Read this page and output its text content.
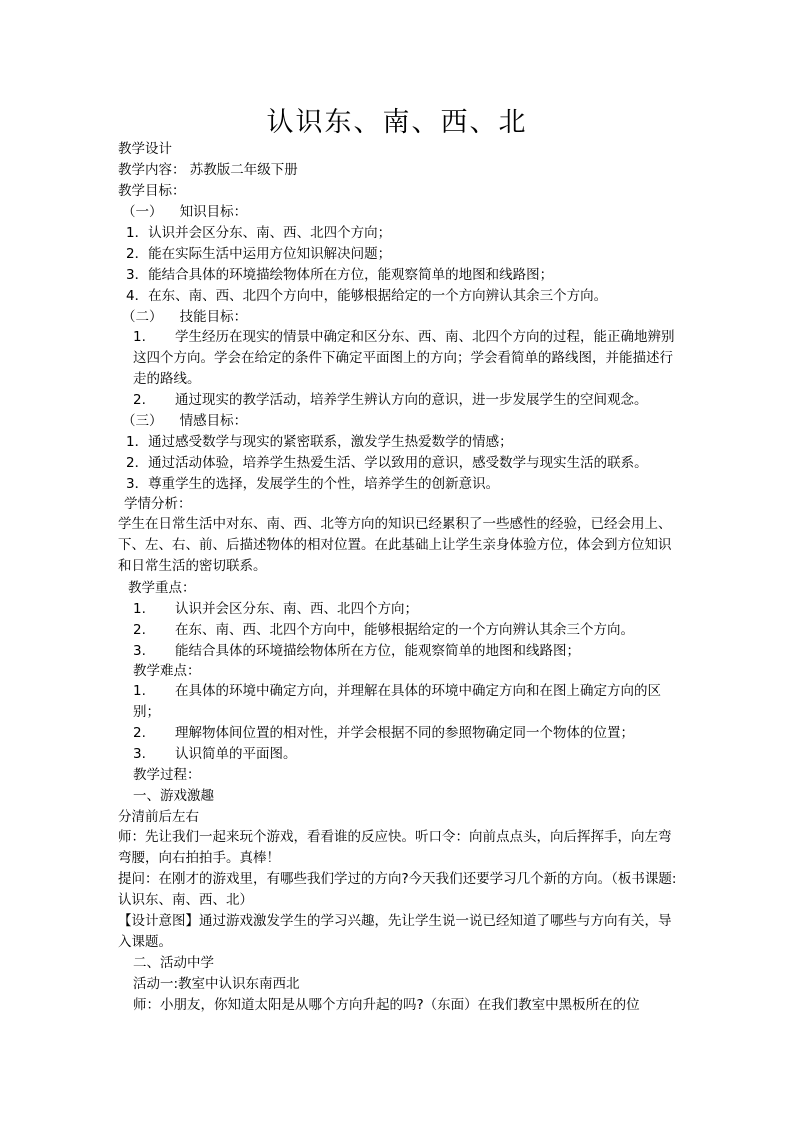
认识东、南、西、北
教学设计
教学内容： 苏教版二年级下册
教学目标：
（一）    知识目标：
1．认识并会区分东、南、西、北四个方向；
2．能在实际生活中运用方位知识解决问题；
3．能结合具体的环境描绘物体所在方位，能观察简单的地图和线路图；
4．在东、南、西、北四个方向中，能够根据给定的一个方向辨认其余三个方向。
（二）    技能目标：
1. 学生经历在现实的情景中确定和区分东、西、南、北四个方向的过程，能正确地辨别这四个方向。学会在给定的条件下确定平面图上的方向；学会看简单的路线图，并能描述行走的路线。
2. 通过现实的教学活动，培养学生辨认方向的意识，进一步发展学生的空间观念。
（三）    情感目标：
1．通过感受数学与现实的紧密联系，激发学生热爱数学的情感；
2．通过活动体验，培养学生热爱生活、学以致用的意识，感受数学与现实生活的联系。
3．尊重学生的选择，发展学生的个性，培养学生的创新意识。
学情分析：
学生在日常生活中对东、南、西、北等方向的知识已经累积了一些感性的经验，已经会用上、下、左、右、前、后描述物体的相对位置。在此基础上让学生亲身体验方位，体会到方位知识和日常生活的密切联系。
教学重点：
1. 认识并会区分东、南、西、北四个方向；
2. 在东、南、西、北四个方向中，能够根据给定的一个方向辨认其余三个方向。
3. 能结合具体的环境描绘物体所在方位，能观察简单的地图和线路图；
教学难点：
1. 在具体的环境中确定方向，并理解在具体的环境中确定方向和在图上确定方向的区别；
2. 理解物体间位置的相对性，并学会根据不同的参照物确定同一个物体的位置；
3. 认识简单的平面图。
教学过程：
一、游戏激趣
分清前后左右
师：先让我们一起来玩个游戏，看看谁的反应快。听口令：向前点点头，向后挥挥手，向左弯弯腰，向右拍拍手。真棒！
提问：在刚才的游戏里，有哪些我们学过的方向?今天我们还要学习几个新的方向。（板书课题:认识东、南、西、北）
【设计意图】通过游戏激发学生的学习兴趣，先让学生说一说已经知道了哪些与方向有关，导入课题。
二、活动中学
活动一:教室中认识东南西北
师：小朋友，你知道太阳是从哪个方向升起的吗?（东面）在我们教室中黑板所在的位
